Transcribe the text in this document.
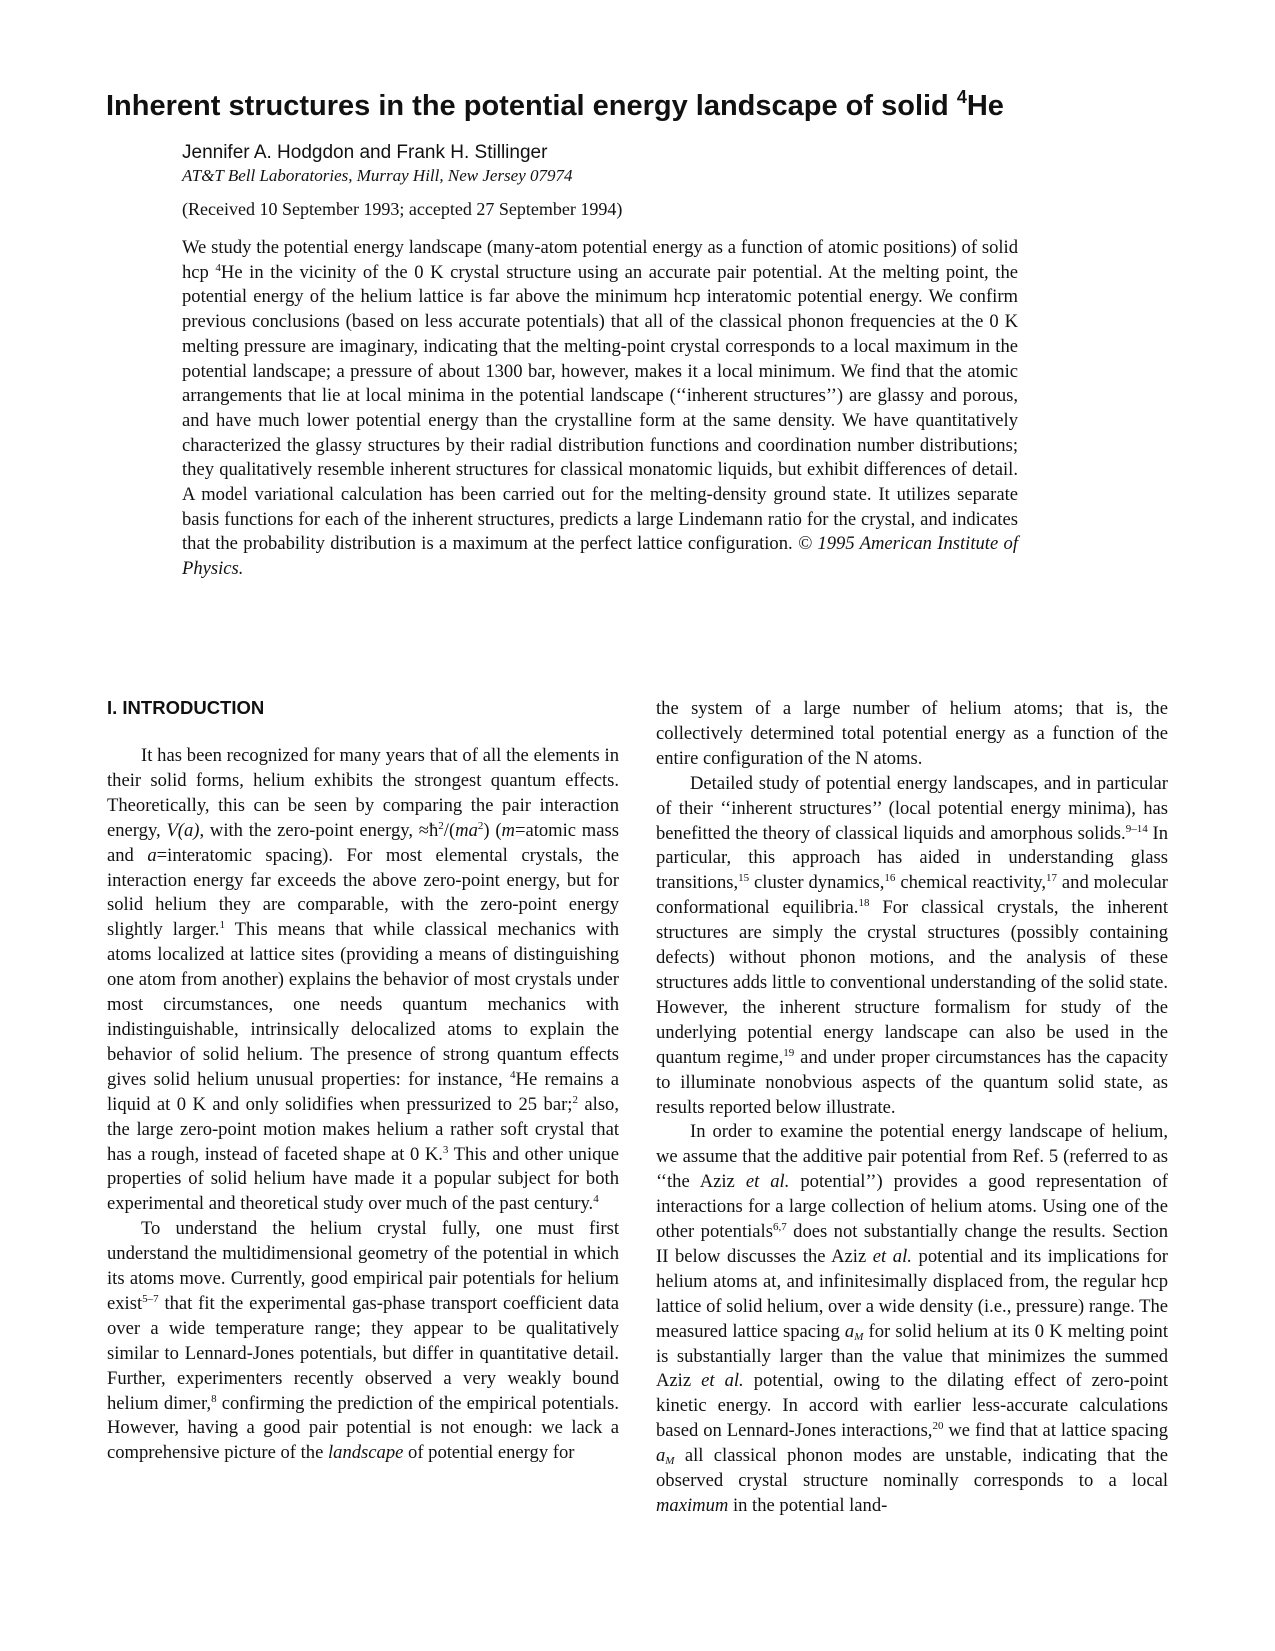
Inherent structures in the potential energy landscape of solid $^4$He
Jennifer A. Hodgdon and Frank H. Stillinger
AT&T Bell Laboratories, Murray Hill, New Jersey 07974
(Received 10 September 1993; accepted 27 September 1994)

We study the potential energy landscape (many-atom potential energy as a function of atomic positions) of solid hcp $^4$He in the vicinity of the 0 K crystal structure using an accurate pair potential. At the melting point, the potential energy of the helium lattice is far above the minimum hcp interatomic potential energy. We confirm previous conclusions (based on less accurate potentials) that all of the classical phonon frequencies at the 0 K melting pressure are imaginary, indicating that the melting-point crystal corresponds to a local maximum in the potential landscape; a pressure of about 1300 bar, however, makes it a local minimum. We find that the atomic arrangements that lie at local minima in the potential landscape (‘‘inherent structures’’) are glassy and porous, and have much lower potential energy than the crystalline form at the same density. We have quantitatively characterized the glassy structures by their radial distribution functions and coordination number distributions; they qualitatively resemble inherent structures for classical monatomic liquids, but exhibit differences of detail. A model variational calculation has been carried out for the melting-density ground state. It utilizes separate basis functions for each of the inherent structures, predicts a large Lindemann ratio for the crystal, and indicates that the probability distribution is a maximum at the perfect lattice configuration. © 1995 American Institute of Physics.

I. INTRODUCTION

It has been recognized for many years that of all the elements in their solid forms, helium exhibits the strongest quantum effects. Theoretically, this can be seen by comparing the pair interaction energy, V(a), with the zero-point energy, ≈ħ$^2$/(ma$^2$) (m=atomic mass and a=interatomic spacing). For most elemental crystals, the interaction energy far exceeds the above zero-point energy, but for solid helium they are comparable, with the zero-point energy slightly larger.$^1$ This means that while classical mechanics with atoms localized at lattice sites (providing a means of distinguishing one atom from another) explains the behavior of most crystals under most circumstances, one needs quantum mechanics with indistinguishable, intrinsically delocalized atoms to explain the behavior of solid helium. The presence of strong quantum effects gives solid helium unusual properties: for instance, $^4$He remains a liquid at 0 K and only solidifies when pressurized to 25 bar;$^2$ also, the large zero-point motion makes helium a rather soft crystal that has a rough, instead of faceted shape at 0 K.$^3$ This and other unique properties of solid helium have made it a popular subject for both experimental and theoretical study over much of the past century.$^4$

To understand the helium crystal fully, one must first understand the multidimensional geometry of the potential in which its atoms move. Currently, good empirical pair potentials for helium exist$^{5-7}$ that fit the experimental gas-phase transport coefficient data over a wide temperature range; they appear to be qualitatively similar to Lennard-Jones potentials, but differ in quantitative detail. Further, experimenters recently observed a very weakly bound helium dimer,$^8$ confirming the prediction of the empirical potentials. However, having a good pair potential is not enough: we lack a comprehensive picture of the landscape of potential energy for

the system of a large number of helium atoms; that is, the collectively determined total potential energy as a function of the entire configuration of the N atoms.

Detailed study of potential energy landscapes, and in particular of their ‘‘inherent structures’’ (local potential energy minima), has benefitted the theory of classical liquids and amorphous solids.$^{9-14}$ In particular, this approach has aided in understanding glass transitions,$^{15}$ cluster dynamics,$^{16}$ chemical reactivity,$^{17}$ and molecular conformational equilibria.$^{18}$ For classical crystals, the inherent structures are simply the crystal structures (possibly containing defects) without phonon motions, and the analysis of these structures adds little to conventional understanding of the solid state. However, the inherent structure formalism for study of the underlying potential energy landscape can also be used in the quantum regime,$^{19}$ and under proper circumstances has the capacity to illuminate nonobvious aspects of the quantum solid state, as results reported below illustrate.

In order to examine the potential energy landscape of helium, we assume that the additive pair potential from Ref. 5 (referred to as ‘‘the Aziz et al. potential’’) provides a good representation of interactions for a large collection of helium atoms. Using one of the other potentials$^{6,7}$ does not substantially change the results. Section II below discusses the Aziz et al. potential and its implications for helium atoms at, and infinitesimally displaced from, the regular hcp lattice of solid helium, over a wide density (i.e., pressure) range. The measured lattice spacing $a_M$ for solid helium at its 0 K melting point is substantially larger than the value that minimizes the summed Aziz et al. potential, owing to the dilating effect of zero-point kinetic energy. In accord with earlier less-accurate calculations based on Lennard-Jones interactions,$^{20}$ we find that at lattice spacing $a_M$ all classical phonon modes are unstable, indicating that the observed crystal structure nominally corresponds to a local maximum in the potential land-
